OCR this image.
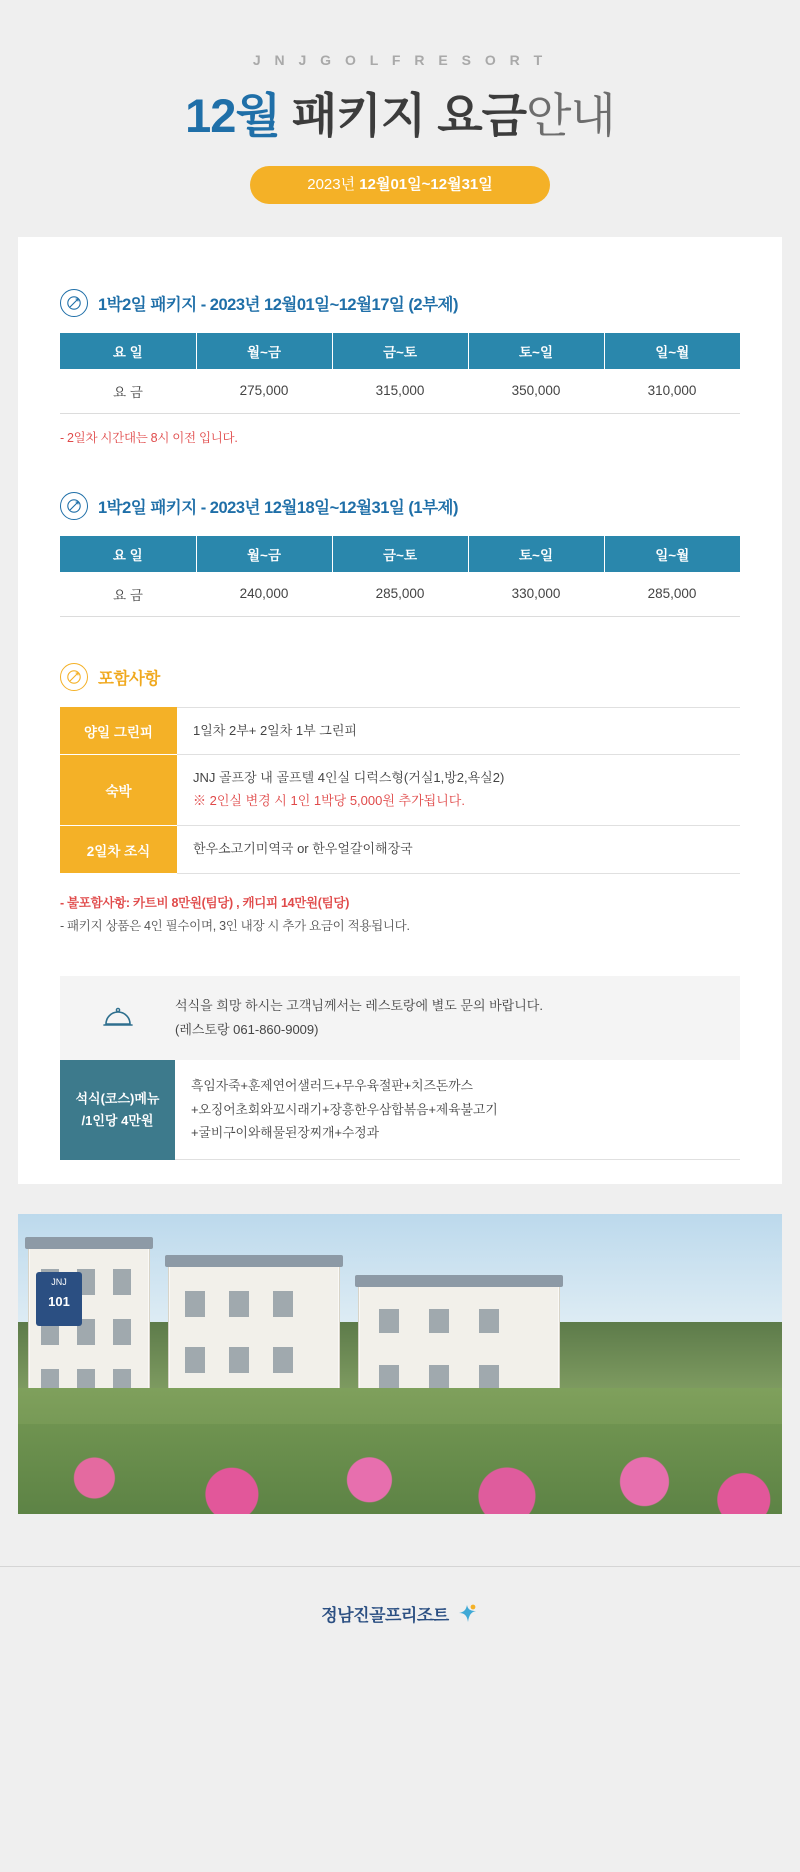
J N J G O L F R E S O R T
12월 패키지 요금안내
2023년 12월01일~12월31일
1박2일 패키지 - 2023년 12월01일~12월17일 (2부제)
요 일	월~금	금~토	토~일	일~월
요 금	275,000	315,000	350,000	310,000
- 2일차 시간대는 8시 이전 입니다.
1박2일 패키지 - 2023년 12월18일~12월31일 (1부제)
요 일	월~금	금~토	토~일	일~월
요 금	240,000	285,000	330,000	285,000
포함사항
양일 그린피	1일차 2부+ 2일차 1부 그린피
숙박	JNJ 골프장 내 골프텔 4인실 디럭스형(거실1,방2,욕실2)
※ 2인실 변경 시 1인 1박당 5,000원 추가됩니다.

2일차 조식	한우소고기미역국 or 한우얼갈이해장국
- 불포함사항: 카트비 8만원(팀당) , 캐디피 14만원(팀당)
- 패키지 상품은 4인 필수이며, 3인 내장 시 추가 요금이 적용됩니다.
석식을 희망 하시는 고객님께서는 레스토랑에 별도 문의 바랍니다.
(레스토랑 061-860-9009)
석식(코스)메뉴
/1인당 4만원

흑임자죽+훈제연어샐러드+무우육절판+치즈돈까스
+오징어초회와꼬시래기+장흥한우삼합볶음+제육불고기
+굴비구이와해물된장찌개+수정과
JNJ
101
정남진골프리조트
